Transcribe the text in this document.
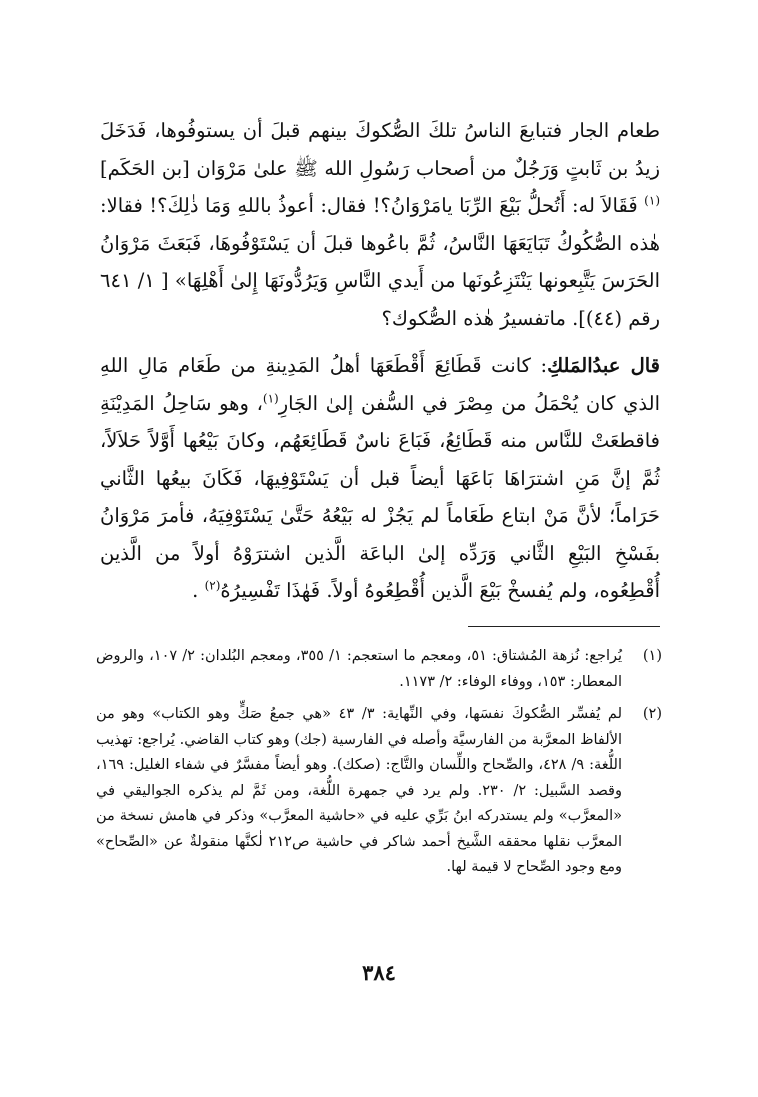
طعام الجار فتبايعَ الناسُ تلكَ الصُّكوكَ بينهم قبلَ أن يستوفُوها، فَدَخَلَ زيدُ بن ثَابتٍ وَرَجُلٌ من أصحاب رَسُولِ الله ﷺ علىٰ مَرْوَان [بن الحَكَم]$^{(١)}$ فَقَالاَ له: أَتُحلُّ بَيْعَ الرِّبَا يامَرْوَانُ؟! فقال: أعوذُ باللهِ وَمَا ذٰلِكَ؟! فقالا: هٰذه الصُّكُوكُ تَبَايَعَهَا النَّاسُ، ثُمَّ باعُوها قبلَ أن يَسْتَوْفُوهَا، فَبَعَثَ مَرْوَانُ الحَرَسَ يَتَّبِعونها يَنْتَزِعُونَها من أَيدي النَّاسِ وَيَرُدُّونَهَا إِلىٰ أَهْلِهَا» [ ١/ ٦٤١ رقم (٤٤)]. ماتفسيرُ هٰذه الصُّكوك؟

قال عبدُالمَلكِ: كانت قَطَائِعَ أَقْطَعَهَا أهلُ المَدِينةِ من طَعَام مَالِ اللهِ الذي كان يُحْمَلُ من مِصْرَ في السُّفن إلىٰ الجَارِ$^{(١)}$، وهو سَاحِلُ المَدِيْنَةِ فاقطعَتْ للنَّاس منه قَطَائِعُ، فَبَاعَ ناسٌ قَطَائِعَهُم، وكانَ بَيْعُها أَوَّلاً حَلاَلاً، ثُمَّ إنَّ مَنِ اشترَاهَا بَاعَهَا أيضاً قبل أن يَسْتَوْفِيهَا، فَكَانَ بيعُها الثَّاني حَرَاماً؛ لأنَّ مَنْ ابتاع طَعَاماً لم يَجُزْ له بَيْعُهُ حَتَّىٰ يَسْتَوْفِيَهُ، فأمرَ مَرْوَانُ بفَسْخِ البَيْعِ الثَّاني وَرَدِّه إلىٰ الباعَة الَّذين اشترَوْهُ أولاً من الَّذين أُقْطِعُوه، ولم يُفسخْ بَيْعَ الَّذين أُقْطِعُوهُ أولاً. فَهٰذَا تَفْسِيرُهُ$^{(٢)}$ .

(١)
يُراجع: نُزهة المُشتاق: ٥١، ومعجم ما استعجم: ١/ ٣٥٥، ومعجم البُلدان: ٢/ ١٠٧، والروض المعطار: ١٥٣، ووفاء الوفاء: ٢/ ١١٧٣.
(٢)
لم يُفسِّر الصُّكوكَ نفسَها، وفي النِّهاية: ٣/ ٤٣ «هي جمعُ صَكٍّ وهو الكتاب» وهو من الألفاظ المعرَّبة من الفارسيَّة وأصله في الفارسية (جك) وهو كتاب القاضي. يُراجع: تهذيب اللُّغة: ٩/ ٤٢٨، والصِّحاح واللِّسان والتَّاج: (صكك). وهو أيضاً مفسَّرٌ في شفاء الغليل: ١٦٩، وقصد السَّبيل: ٢/ ٢٣٠. ولم يرد في جمهرة اللُّغة، ومن ثَمَّ لم يذكره الجواليقي في «المعرَّب» ولم يستدركه ابنُ بَرِّي عليه في «حاشية المعرَّب» وذكر في هامش نسخة من المعرَّب نقلها محققه الشَّيخ أحمد شاكر في حاشية ص٢١٢ لٰكنَّها منقولةٌ عن «الصِّحاح» ومع وجود الصِّحاح لا قيمة لها.
٣٨٤
